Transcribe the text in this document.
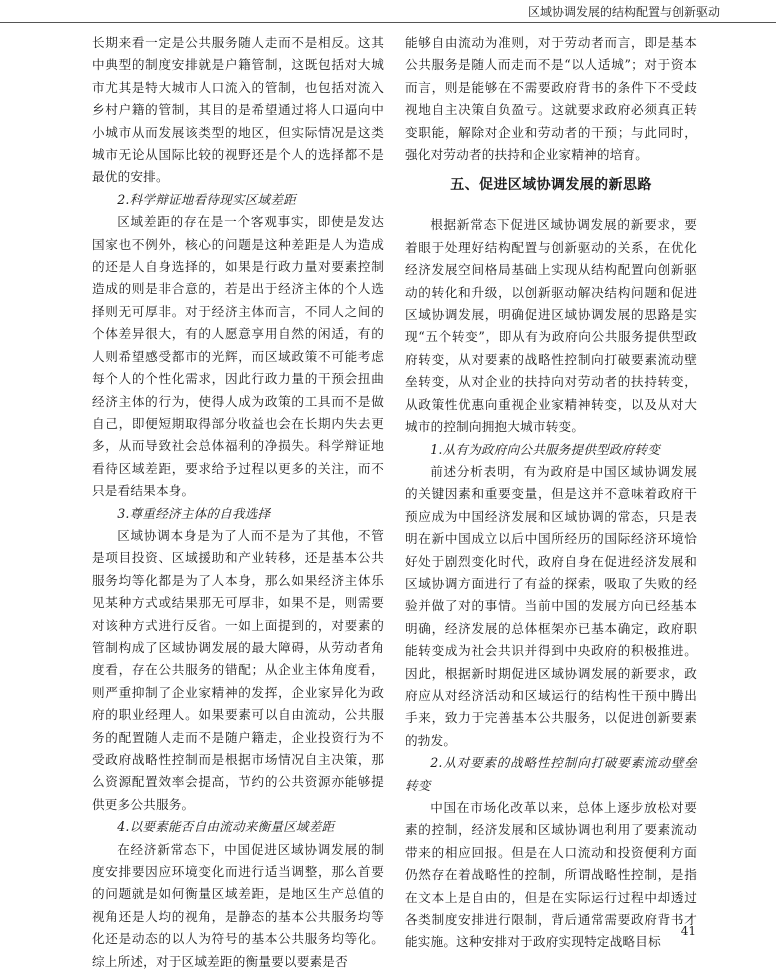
区域协调发展的结构配置与创新驱动

长期来看一定是公共服务随人走而不是相反。这其中典型的制度安排就是户籍管制，这既包括对大城市尤其是特大城市人口流入的管制，也包括对流入乡村户籍的管制，其目的是希望通过将人口逼向中小城市从而发展该类型的地区，但实际情况是这类城市无论从国际比较的视野还是个人的选择都不是最优的安排。

2.科学辩证地看待现实区域差距

区域差距的存在是一个客观事实，即使是发达国家也不例外，核心的问题是这种差距是人为造成的还是人自身选择的，如果是行政力量对要素控制造成的则是非合意的，若是出于经济主体的个人选择则无可厚非。对于经济主体而言，不同人之间的个体差异很大，有的人愿意享用自然的闲适，有的人则希望感受都市的光辉，而区域政策不可能考虑每个人的个性化需求，因此行政力量的干预会扭曲经济主体的行为，使得人成为政策的工具而不是做自己，即便短期取得部分收益也会在长期内失去更多，从而导致社会总体福利的净损失。科学辩证地看待区域差距，要求给予过程以更多的关注，而不只是看结果本身。

3.尊重经济主体的自我选择

区域协调本身是为了人而不是为了其他，不管是项目投资、区域援助和产业转移，还是基本公共服务均等化都是为了人本身，那么如果经济主体乐见某种方式或结果那无可厚非，如果不是，则需要对该种方式进行反省。一如上面提到的，对要素的管制构成了区域协调发展的最大障碍，从劳动者角度看，存在公共服务的错配；从企业主体角度看，则严重抑制了企业家精神的发挥，企业家异化为政府的职业经理人。如果要素可以自由流动，公共服务的配置随人走而不是随户籍走，企业投资行为不受政府战略性控制而是根据市场情况自主决策，那么资源配置效率会提高，节约的公共资源亦能够提供更多公共服务。

4.以要素能否自由流动来衡量区域差距

在经济新常态下，中国促进区域协调发展的制度安排要因应环境变化而进行适当调整，那么首要的问题就是如何衡量区域差距，是地区生产总值的视角还是人均的视角，是静态的基本公共服务均等化还是动态的以人为符号的基本公共服务均等化。综上所述，对于区域差距的衡量要以要素是否

能够自由流动为准则，对于劳动者而言，即是基本公共服务是随人而走而不是“以人适城”；对于资本而言，则是能够在不需要政府背书的条件下不受歧视地自主决策自负盈亏。这就要求政府必须真正转变职能，解除对企业和劳动者的干预；与此同时，强化对劳动者的扶持和企业家精神的培育。

五、促进区域协调发展的新思路

根据新常态下促进区域协调发展的新要求，要着眼于处理好结构配置与创新驱动的关系，在优化经济发展空间格局基础上实现从结构配置向创新驱动的转化和升级，以创新驱动解决结构问题和促进区域协调发展，明确促进区域协调发展的思路是实现“五个转变”，即从有为政府向公共服务提供型政府转变，从对要素的战略性控制向打破要素流动壁垒转变，从对企业的扶持向对劳动者的扶持转变，从政策性优惠向重视企业家精神转变，以及从对大城市的控制向拥抱大城市转变。

1.从有为政府向公共服务提供型政府转变

前述分析表明，有为政府是中国区域协调发展的关键因素和重要变量，但是这并不意味着政府干预应成为中国经济发展和区域协调的常态，只是表明在新中国成立以后中国所经历的国际经济环境恰好处于剧烈变化时代，政府自身在促进经济发展和区域协调方面进行了有益的探索，吸取了失败的经验并做了对的事情。当前中国的发展方向已经基本明确，经济发展的总体框架亦已基本确定，政府职能转变成为社会共识并得到中央政府的积极推进。因此，根据新时期促进区域协调发展的新要求，政府应从对经济活动和区域运行的结构性干预中腾出手来，致力于完善基本公共服务，以促进创新要素的勃发。

2.从对要素的战略性控制向打破要素流动壁垒转变

中国在市场化改革以来，总体上逐步放松对要素的控制，经济发展和区域协调也利用了要素流动带来的相应回报。但是在人口流动和投资便利方面仍然存在着战略性的控制，所谓战略性控制，是指在文本上是自由的，但是在实际运行过程中却透过各类制度安排进行限制，背后通常需要政府背书才能实施。这种安排对于政府实现特定战略目标

41
